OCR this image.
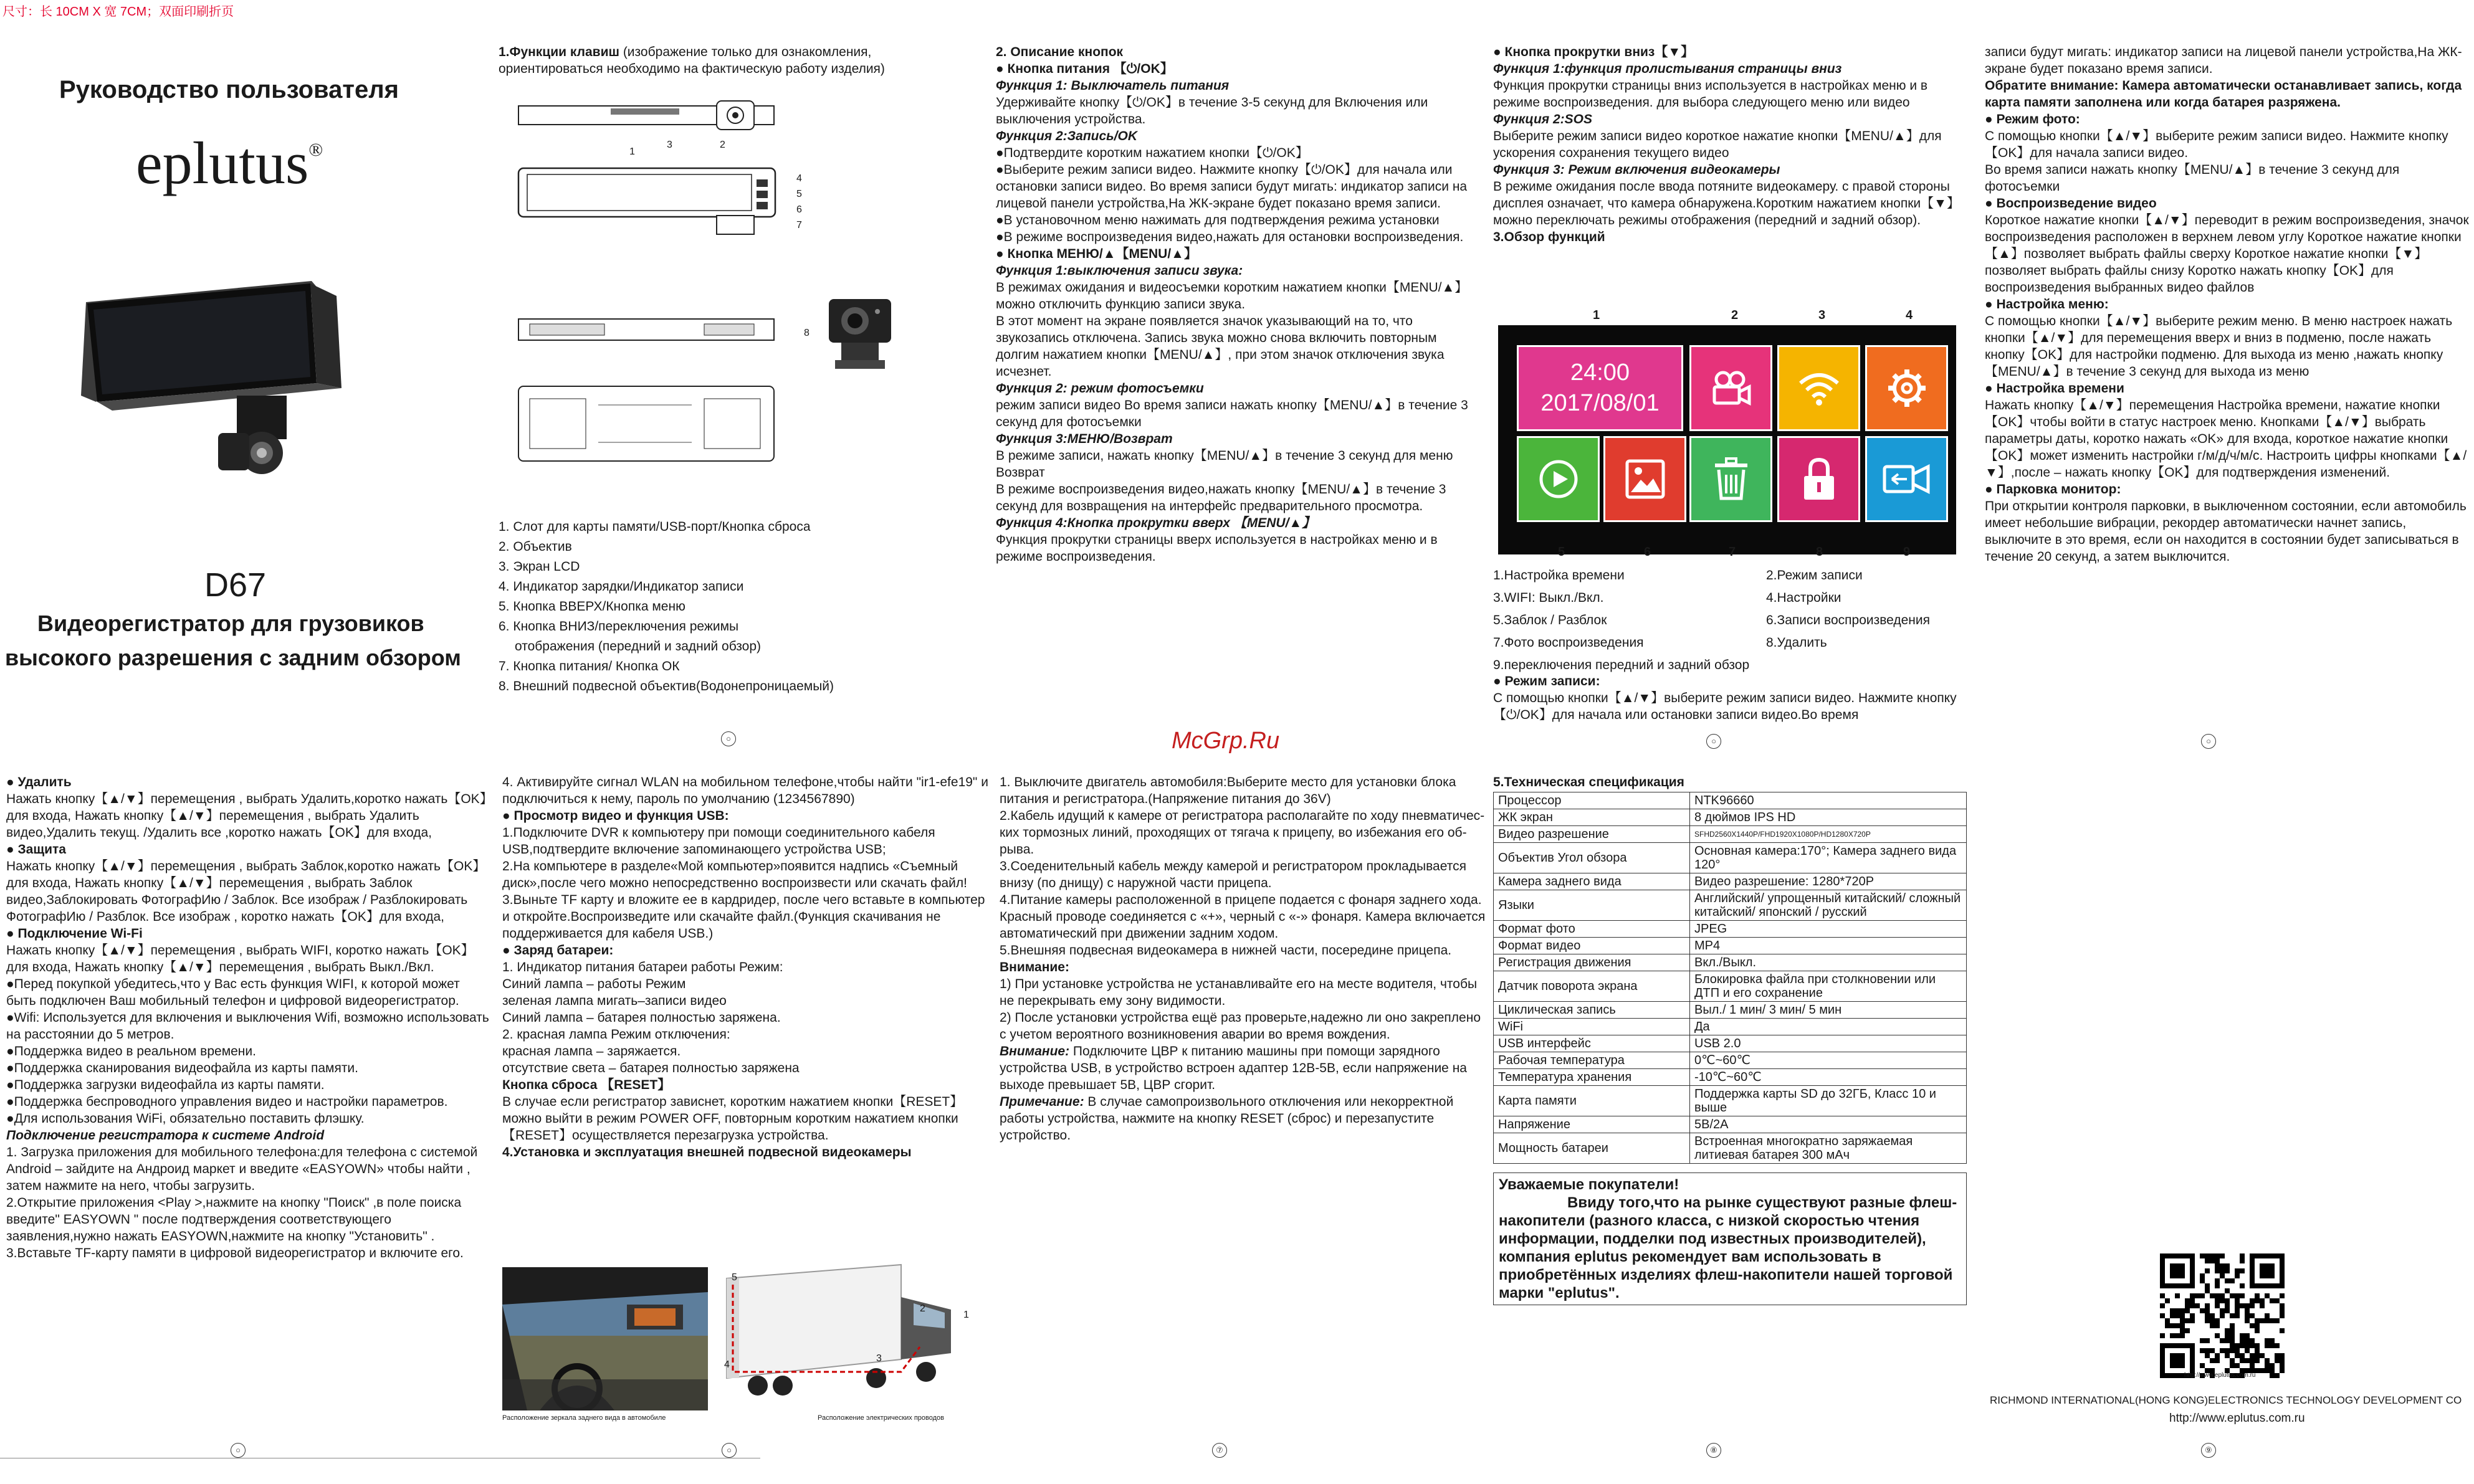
尺寸：长 10CM X 宽 7CM；双面印刷折页
Руководство пользователя
eplutus®
D67
Видеорегистратор для грузовиков
высокого разрешения с задним обзором

1.Функции клавиш (изображение только для ознакомления, ориентироваться необходимо на фактическую работу изделия)

3	2
1
4
5
6
7
8
1. Слот для карты памяти/USB-порт/Кнопка сброса
2. Объектив
3. Экран LCD
4. Индикатор зарядки/Индикатор записи
5. Кнопка ВВЕРХ/Кнопка меню
6. Кнопка ВНИЗ/переключения режимы
отображения (передний и задний обзор)
7. Кнопка питания/ Кнопка ОК
8. Внешний подвесной объектив(Водонепроницаемый)
○

2. Описание кнопок

● Кнопка питания 【⏻/OK】

Функция 1: Выключатель питания

Удерживайте кнопку【⏻/OK】в течение 3-5 секунд для Включения или выключения устройства.

Функция 2:Запись/OK

●Подтвердите коротким нажатием кнопки【⏻/OK】

●Выберите режим записи видео. Нажмите кнопку【⏻/OK】для начала или остановки записи видео. Во время записи будут мигать: индикатор записи на лицевой панели устройства,На ЖК-экране будет показано время записи.

●В установочном меню нажимать для подтверждения режима установки

●В режиме воспроизведения видео,нажать для остановки воспроизведения.

● Кнопка МЕНЮ/▲【MENU/▲】

Функция 1:выключения записи звука:

В режимах ожидания и видеосъемки коротким нажатием кнопки【MENU/▲】можно отключить функцию записи звука.

В этот момент на экране появляется значок указывающий на то, что звукозапись отключена. Запись звука можно снова включить повторным долгим нажатием кнопки【MENU/▲】, при этом значок отключения звука исчезнет.

Функция 2: режим фотосъемки

режим записи видео Во время записи нажать кнопку【MENU/▲】в течение 3 секунд для фотосъемки

Функция 3:МЕНЮ/Возврат

В режиме записи, нажать кнопку【MENU/▲】в течение 3 секунд для меню Возврат

В режиме воспроизведения видео,нажать кнопку【MENU/▲】в течение 3 секунд для возвращения на интерфейс предварительного просмотра.

Функция 4:Кнопка прокрутки вверх 【MENU/▲】

Функция прокрутки страницы вверх используется в настройках меню и в режиме воспроизведения.

● Кнопка прокрутки вниз【▼】

Функция 1:функция пролистывания страницы вниз

Функция прокрутки страницы вниз используется в настройках меню и в режиме воспроизведения. для выбора следующего меню или видео

Функция 2:SOS

Выберите режим записи видео короткое нажатие кнопки【MENU/▲】для ускорения сохранения текущего видео

Функция 3: Режим включения видеокамеры

В режиме ожидания после ввода потяните видеокамеру. с правой стороны дисплея означает, что камера обнаружена.Коротким нажатием кнопки【▼】можно переключать режимы отображения (передний и задний обзор).

3.Обзор функций

24:00
2017/08/01
1	2	3	4
5	6	7	8	9
1.Настройка времени
3.WIFI: Выкл./Вкл.
5.Заблок / Разблок
7.Фото воспроизведения
9.переключения передний и задний обзор
2.Режим записи
4.Настройки
6.Записи воспроизведения
8.Удалить

● Режим записи:

С помощью кнопки【▲/▼】выберите режим записи видео. Нажмите кнопку【⏻/OK】для начала или остановки записи видео.Во время

○

записи будут мигать: индикатор записи на лицевой панели устройства,На ЖК-экране будет показано время записи.

Обратите внимание: Камера автоматически останавливает запись, когда карта памяти заполнена или когда батарея разряжена.

● Режим фото:

С помощью кнопки【▲/▼】выберите режим записи видео. Нажмите кнопку【OK】для начала записи видео.

Во время записи нажать кнопку【MENU/▲】в течение 3 секунд для фотосъемки

● Воспроизведение видео

Короткое нажатие кнопки【▲/▼】переводит в режим воспроизведения, значок воспроизведения расположен в верхнем левом углу Короткое нажатие кнопки【▲】позволяет выбрать файлы сверху Короткое нажатие кнопки【▼】позволяет выбрать файлы снизу Коротко нажать кнопку【OK】для воспроизведения выбранных видео файлов

● Настройка меню:

С помощью кнопки【▲/▼】выберите режим меню. В меню настроек нажать кнопки【▲/▼】для перемещения вверх и вниз в подменю, после нажать кнопку【OK】для настройки подменю. Для выхода из меню ,нажать кнопку【MENU/▲】в течение 3 секунд для выхода из меню

● Настройка времени

Нажать кнопку【▲/▼】перемещения Настройка времени, нажатие кнопки【OK】чтобы войти в статус настроек меню. Кнопками【▲/▼】выбрать параметры даты, коротко нажать «OK» для входа, короткое нажатие кнопки【OK】может изменить настройки г/м/д/ч/м/с. Настроить цифры кнопками【▲/▼】,после – нажать кнопку【OK】для подтверждения изменений.

● Парковка монитор:

При открытии контроля парковки, в выключенном состоянии, если автомобиль имеет небольшие вибрации, рекордер автоматически начнет запись, выключите в это время, если он находится в состоянии будет записываться в течение 20 секунд, а затем выключится.

○
McGrp.Ru

● Удалить

Нажать кнопку【▲/▼】перемещения , выбрать Удалить,коротко нажать【OK】для входа, Нажать кнопку【▲/▼】перемещения , выбрать Удалить видео,Удалить текущ. /Удалить все ,коротко нажать【OK】для входа,

● Защита

Нажать кнопку【▲/▼】перемещения , выбрать Заблок,коротко нажать【OK】для входа, Нажать кнопку【▲/▼】перемещения , выбрать Заблок видео,Заблокировать ФотографИю / Заблок. Все изображ / Разблокировать ФотографИю / Разблок. Все изображ , коротко нажать【OK】для входа,

● Подключение Wi-Fi

Нажать кнопку【▲/▼】перемещения , выбрать WIFI, коротко нажать【OK】для входа, Нажать кнопку【▲/▼】перемещения , выбрать Выкл./Вкл.

●Перед покупкой убедитесь,что у Вас есть функция WIFI, к которой может быть подключен Ваш мобильный телефон и цифровой видеорегистратор.

●Wifi: Используется для включения и выключения Wifi, возможно использовать на расстоянии до 5 метров.

●Поддержка видео в реальном времени.

●Поддержка сканирования видеофайла из карты памяти.

●Поддержка загрузки видеофайла из карты памяти.

●Поддержка беспроводного управления видео и настройки параметров.

●Для использования WiFi, обязательно поставить флэшку.

Подключение регистратора к системе Android

1. Загрузка приложения для мобильного телефона:для телефона с системой Android – зайдите на Андроид маркет и введите «EASYOWN» чтобы найти , затем нажмите на него, чтобы загрузить.

2.Открытие приложения <Play >,нажмите на кнопку "Поиск" ,в поле поиска введите" EASYOWN " после подтверждения соответствующего заявления,нужно нажать EASYOWN,нажмите на кнопку "Установить" .

3.Вставьте TF-карту памяти в цифровой видеорегистратор и включите его.

○

4. Активируйте сигнал WLAN на мобильном телефоне,чтобы найти "ir1-efe19" и подключиться к нему, пароль по умолчанию (1234567890)

● Просмотр видео и функция USB:

1.Подключите DVR к компьютеру при помощи соединительного кабеля USB,подтвердите включение запоминающего устройства USB;

2.На компьютере в разделе«Мой компьютер»появится надпись «Съемный диск»,после чего можно непосредственно воспроизвести или скачать файл!

3.Выньте TF карту и вложите ее в кардридер, после чего вставьте в компьютер и откройте.Воспроизведите или скачайте файл.(Функция скачивания не поддерживается для кабеля USB.)

● Заряд батареи:

1. Индикатор питания батареи работы Режим:

Синий лампа – работы Режим

зеленая лампа мигать–записи видео

Синий лампа – батарея полностью заряжена.

2. красная лампа Режим отключения:

красная лампа – заряжается.

отсутствие света – батарея полностью заряжена

Кнопка сброса 【RESET】

В случае если регистратор зависнет, коротким нажатием кнопки【RESET】можно выйти в режим POWER OFF, повторным коротким нажатием кнопки【RESET】осуществляется перезагрузка устройства.

4.Установка и эксплуатация внешней подвесной видеокамеры

5
4
3
2
1
Расположение зеркала заднего вида в автомобиле	Расположение электрических проводов
○

1. Выключите двигатель автомобиля:Выберите место для установки блока питания и регистратора.(Напряжение питания до 36V)

2.Кабель идущий к камере от регистратора располагайте по ходу пневматичес-ких тормозных линий, проходящих от тягача к прицепу, во избежания его об-рыва.

3.Соеденительный кабель между камерой и регистратором прокладывается внизу (по днищу) с наружной части прицепа.

4.Питание камеры расположенной в прицепе подается с фонаря заднего хода. Красный проводе соединяется с «+», черный с «-» фонаря. Камера включается автоматический при движении задним ходом.

5.Внешняя подвесная видеокамера в нижней части, посередине прицепа.

Внимание:

1) При установке устройства не устанавливайте его на месте водителя, чтобы не перекрывать ему зону видимости.

2) После установки устройства ещё раз проверьте,надежно ли оно закреплено с учетом вероятного возникновения аварии во время вождения.

Внимание: Подключите ЦВР к питанию машины при помощи зарядного устройства USB, в устройство встроен адаптер 12В-5В, если напряжение на выходе превышает 5В, ЦВР сгорит.

Примечание: В случае самопроизвольного отключения или некорректной работы устройства, нажмите на кнопку RESET (сброс) и перезапустите устройство.

⑦

5.Техническая спецификация

Процессор	NTK96660
ЖК экран	8 дюймов IPS HD
Видео разрешение	SFHD2560X1440P/FHD1920X1080P/HD1280X720P
Объектив Угол обзора	Основная камера:170°; Камера заднего вида 120°
Камера заднего вида	Видео разрешение: 1280*720P
Языки	Английский/ упрощенный китайский/ сложный китайский/ японский / русский
Формат фото	JPEG
Формат видео	MP4
Регистрация движения	Вкл./Выкл.
Датчик поворота экрана	Блокировка файла при столкновении или ДТП и его сохранение
Циклическая запись	Выл./ 1 мин/ 3 мин/ 5 мин
WiFi	Да
USB интерфейс	USB 2.0
Рабочая температура	0℃~60℃
Температура хранения	-10℃~60℃
Карта памяти	Поддержка карты SD до 32ГБ, Класс 10 и выше
Напряжение	5В/2А
Мощность батареи	Встроенная многократно заряжаемая литиевая батарея 300 мАч
Уважаемые покупатели!
Ввиду того,что на рынке существуют разные флеш-накопители (разного класса, с низкой скоростью чтения информации, подделки под известных производителей), компания eplutus рекомендует вам использовать в приобретённых изделиях флеш-накопители нашей торговой марки "eplutus".
⑧
http://www.eplutus.com.ru
RICHMOND INTERNATIONAL(HONG KONG)ELECTRONICS TECHNOLOGY DEVELOPMENT CO
http://www.eplutus.com.ru
⑨
